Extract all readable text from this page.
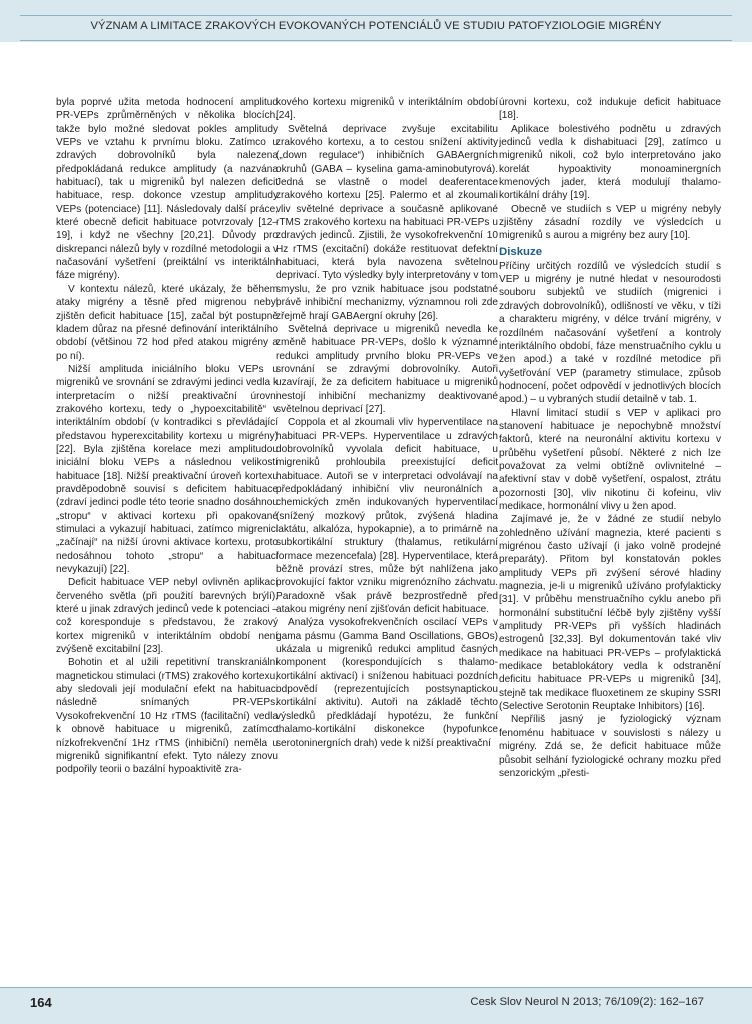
VÝZNAM A LIMITACE ZRAKOVÝCH EVOKOVANÝCH POTENCIÁLŮ VE STUDIU PATOFYZIOLOGIE MIGRÉNY

byla poprvé užita metoda hodnocení amplitud PR-VEPs zprůměrněných v několika blocích, takže bylo možné sledovat pokles amplitudy VEPs ve vztahu k prvnímu bloku. Zatímco u zdravých dobrovolníků byla nalezena předpokládaná redukce amplitudy (a nazvána habituací), tak u migreniků byl nalezen deficit habituace, resp. dokonce vzestup amplitudy VEPs (potenciace) [11]. Následovaly další práce, které obecně deficit habituace potvrzovaly [12–19], i když ne všechny [20,21]. Důvody pro diskrepanci nálezů byly v rozdílné metodologii a v načasování vyšetření (preiktální vs interiktální fáze migrény).

V kontextu nálezů, které ukázaly, že během ataky migrény a těsně před migrenou nebyl zjištěn deficit habituace [15], začal být postupně kladem důraz na přesné definování interiktálního období (většinou 72 hod před atakou migrény a po ní).

Nižší amplituda iniciálního bloku VEPs u migreniků ve srovnání se zdravými jedinci vedla k interpretacím o nižší preaktivační úrovni zrakového kortexu, tedy o „hypoexcitabilitě“ v interiktálním období (v kontradikci s převládající představou hyperexcitability kortexu u migrény) [22]. Byla zjištěna korelace mezi amplitudou iniciální bloku VEPs a následnou velikostí habituace [18]. Nižší preaktivační úroveň kortexu pravděpodobně souvisí s deficitem habituace (zdraví jedinci podle této teorie snadno dosáhnou „stropu“ v aktivaci kortexu při opakované stimulaci a vykazují habituaci, zatímco migrenici „začínají“ na nižší úrovni aktivace kortexu, proto nedosáhnou tohoto „stropu“ a habituaci nevykazují) [22].

Deficit habituace VEP nebyl ovlivněn aplikací červeného světla (při použití barevných brýlí), které u jinak zdravých jedinců vede k potenciaci – což koresponduje s představou, že zrakový kortex migreniků v interiktálním období není zvýšeně excitabilní [23].

Bohotin et al užili repetitivní transkraniální magnetickou stimulaci (rTMS) zrakového kortexu, aby sledovali její modulační efekt na habituaci následně snímaných PR-VEPs. Vysokofrekvenční 10 Hz rTMS (facilitační) vedla k obnově habituace u migreniků, zatímco nízkofrekvenční 1Hz rTMS (inhibiční) neměla u migreniků signifikantní efekt. Tyto nálezy znovu podpořily teorii o bazální hypoaktivitě zra-

kového kortexu migreniků v interiktálním období [24].

Světelná deprivace zvyšuje excitabilitu zrakového kortexu, a to cestou snížení aktivity („down regulace“) inhibičních GABAergních okruhů (GABA – kyselina gama-aminobutyrová). Jedná se vlastně o model deaferentace zrakového kortexu [25]. Palermo et al zkoumali vliv světelné deprivace a současně aplikované rTMS zrakového kortexu na habituaci PR-VEPs u zdravých jedinců. Zjistili, že vysokofrekvenční 10 Hz rTMS (excitační) dokáže restituovat defektní habituaci, která byla navozena světelnou deprivací. Tyto výsledky byly interpretovány v tom smyslu, že pro vznik habituace jsou podstatné právě inhibiční mechanizmy, významnou roli zde zřejmě hrají GABAergní okruhy [26].

Světelná deprivace u migreniků nevedla ke změně habituace PR-VEPs, došlo k významné redukci amplitudy prvního bloku PR-VEPs ve srovnání se zdravými dobrovolníky. Autoři uzavírají, že za deficitem habituace u migreniků nestojí inhibiční mechanizmy deaktivované světelnou deprivací [27].

Coppola et al zkoumali vliv hyperventilace na habituaci PR-VEPs. Hyperventilace u zdravých dobrovolníků vyvolala deficit habituace, u migreniků prohloubila preexistující deficit habituace. Autoři se v interpretaci odvolávají na předpokládaný inhibiční vliv neuronálních a chemických změn indukovaných hyperventilací (snížený mozkový průtok, zvýšená hladina laktátu, alkalóza, hypokapnie), a to primárně na subkortikální struktury (thalamus, retikulární formace mezencefala) [28]. Hyperventilace, která běžně provází stres, může být nahlížena jako provokující faktor vzniku migrenózního záchvatu. Paradoxně však právě bezprostředně před atakou migrény není zjišťován deficit habituace.

Analýza vysokofrekvenčních oscilací VEPs v gama pásmu (Gamma Band Oscillations, GBOs) ukázala u migreniků redukci amplitud časných komponent (korespondujících s thalamo-kortikální aktivací) i sníženou habituaci pozdních odpovědí (reprezentujících postsynaptickou kortikální aktivitu). Autoři na základě těchto výsledků předkládají hypotézu, že funkční thalamo-kortikální diskonekce (hypofunkce serotoninergních drah) vede k nižší preaktivační

úrovni kortexu, což indukuje deficit habituace [18].

Aplikace bolestivého podnětu u zdravých jedinců vedla k dishabituaci [29], zatímco u migreniků nikoli, což bylo interpretováno jako korelát hypoaktivity monoaminergních kmenových jader, která modulují thalamo-kortikální dráhy [19].

Obecně ve studiích s VEP u migrény nebyly zjištěny zásadní rozdíly ve výsledcích u migreniků s aurou a migrény bez aury [10].

Diskuze

Příčiny určitých rozdílů ve výsledcích studií s VEP u migrény je nutné hledat v nesourodosti souboru subjektů ve studiích (migrenici i zdravých dobrovolníků), odlišností ve věku, v tíži a charakteru migrény, v délce trvání migrény, v rozdílném načasování vyšetření a kontroly interiktálního období, fáze menstruačního cyklu u žen apod.) a také v rozdílné metodice při vyšetřování VEP (parametry stimulace, způsob hodnocení, počet odpovědí v jednotlivých blocích apod.) – u vybraných studií detailně v tab. 1.

Hlavní limitací studií s VEP v aplikaci pro stanovení habituace je nepochybně množství faktorů, které na neuronální aktivitu kortexu v průběhu vyšetření působí. Některé z nich lze považovat za velmi obtížně ovlivnitelné – afektivní stav v době vyšetření, ospalost, ztrátu pozornosti [30], vliv nikotinu či kofeinu, vliv medikace, hormonální vlivy u žen apod.

Zajímavé je, že v žádné ze studií nebylo zohledněno užívání magnezia, které pacienti s migrénou často užívají (i jako volně prodejné preparáty). Přitom byl konstatován pokles amplitudy VEPs při zvýšení sérové hladiny magnezia, je-li u migreniků užíváno profylakticky [31]. V průběhu menstruačního cyklu anebo při hormonální substituční léčbě byly zjištěny vyšší amplitudy PR-VEPs při vyšších hladinách estrogenů [32,33]. Byl dokumentován také vliv medikace na habituaci PR-VEPs – profylaktická medikace betablokátory vedla k odstranění deficitu habituace PR-VEPs u migreniků [34], stejně tak medikace fluoxetinem ze skupiny SSRI (Selective Serotonin Reuptake Inhibitors) [16].

Nepříliš jasný je fyziologický význam fenoménu habituace v souvislosti s nálezy u migrény. Zdá se, že deficit habituace může působit selhání fyziologické ochrany mozku před senzorickým „přesti-

164	Cesk Slov Neurol N 2013; 76/109(2): 162–167
